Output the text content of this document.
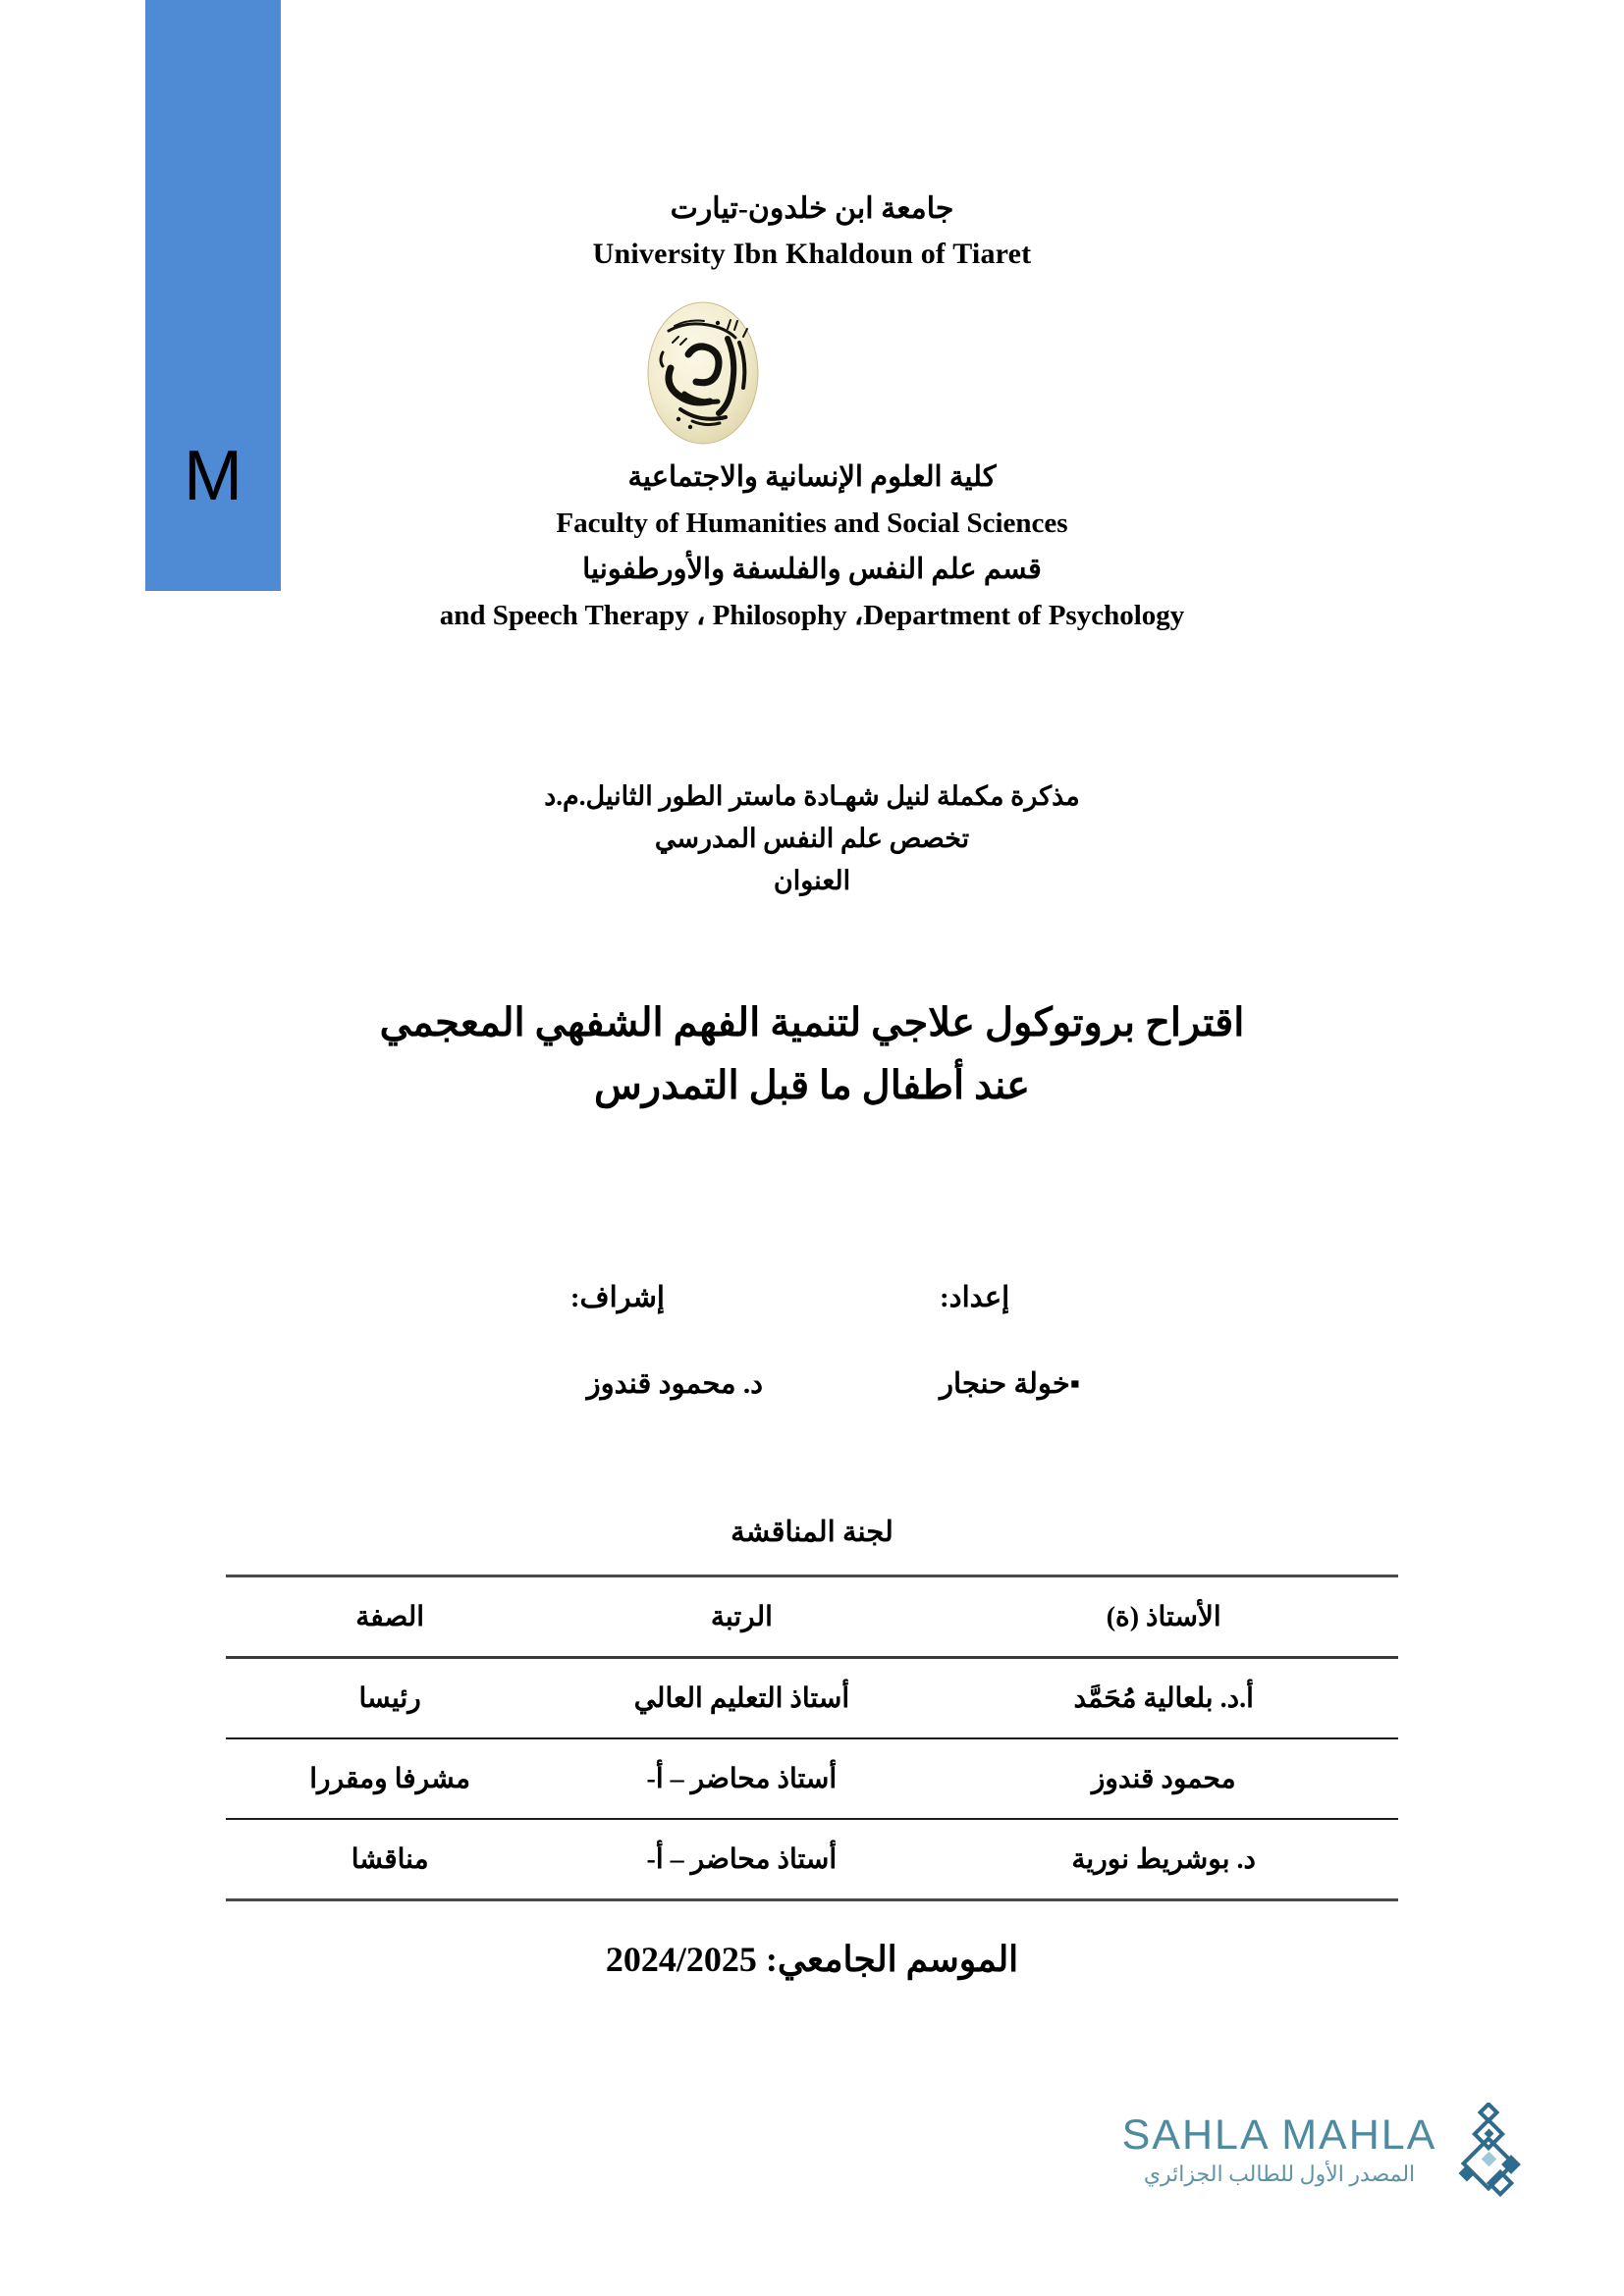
M
جامعة ابن خلدون-تيارت
University Ibn Khaldoun of Tiaret
كلية العلوم الإنسانية والاجتماعية
Faculty of Humanities and Social Sciences
قسم علم النفس والفلسفة والأورطفونيا
and Speech Therapy ، Philosophy ،Department of Psychology
مذكرة مكملة لنيل شهـادة ماستر الطور الثانيل.م.د
تخصص علم النفس المدرسي
العنوان
اقتراح بروتوكول علاجي لتنمية الفهم الشفهي المعجمي
عند أطفال ما قبل التمدرس
إعداد:
▪خولة حنجار
إشراف:
د. محمود قندوز
لجنة المناقشة
الأستاذ (ة)	الرتبة	الصفة
أ.د. بلعالية مُحَمَّد	أستاذ التعليم العالي	رئيسا
محمود قندوز	أستاذ محاضر – أ-	مشرفا ومقررا
د. بوشريط نورية	أستاذ محاضر – أ-	مناقشا
الموسم الجامعي: 2024/2025
SAHLA MAHLA
المصدر الأول للطالب الجزائري
